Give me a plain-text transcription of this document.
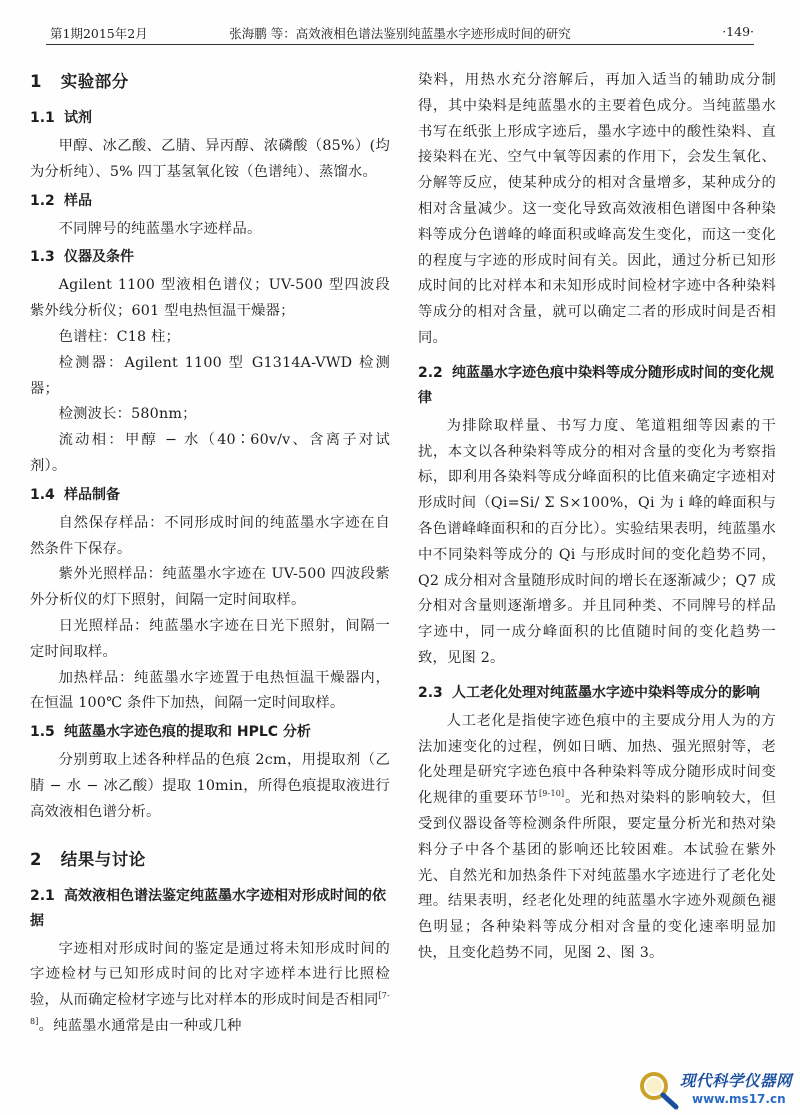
第1期2015年2月	张海鹏 等：高效液相色谱法鉴别纯蓝墨水字迹形成时间的研究	·149·
1 实验部分
1.1 试剂

甲醇、冰乙酸、乙腈、异丙醇、浓磷酸（85%）(均为分析纯）、5% 四丁基氢氧化铵（色谱纯）、蒸馏水。

1.2 样品

不同牌号的纯蓝墨水字迹样品。

1.3 仪器及条件

Agilent 1100 型液相色谱仪；UV-500 型四波段紫外线分析仪；601 型电热恒温干燥器；

色谱柱：C18 柱；

检测器：Agilent 1100 型 G1314A-VWD 检测器；

检测波长：580nm；

流动相：甲醇 − 水（40∶60v/v、含离子对试剂）。

1.4 样品制备

自然保存样品：不同形成时间的纯蓝墨水字迹在自然条件下保存。

紫外光照样品：纯蓝墨水字迹在 UV-500 四波段紫外分析仪的灯下照射，间隔一定时间取样。

日光照样品：纯蓝墨水字迹在日光下照射，间隔一定时间取样。

加热样品：纯蓝墨水字迹置于电热恒温干燥器内，在恒温 100℃ 条件下加热，间隔一定时间取样。

1.5 纯蓝墨水字迹色痕的提取和 HPLC 分析

分别剪取上述各种样品的色痕 2cm，用提取剂（乙腈 − 水 − 冰乙酸）提取 10min，所得色痕提取液进行高效液相色谱分析。

2 结果与讨论
2.1 高效液相色谱法鉴定纯蓝墨水字迹相对形成时间的依据

字迹相对形成时间的鉴定是通过将未知形成时间的字迹检材与已知形成时间的比对字迹样本进行比照检验，从而确定检材字迹与比对样本的形成时间是否相同[7-8]。纯蓝墨水通常是由一种或几种

染料，用热水充分溶解后，再加入适当的辅助成分制得，其中染料是纯蓝墨水的主要着色成分。当纯蓝墨水书写在纸张上形成字迹后，墨水字迹中的酸性染料、直接染料在光、空气中氧等因素的作用下，会发生氧化、分解等反应，使某种成分的相对含量增多，某种成分的相对含量减少。这一变化导致高效液相色谱图中各种染料等成分色谱峰的峰面积或峰高发生变化，而这一变化的程度与字迹的形成时间有关。因此，通过分析已知形成时间的比对样本和未知形成时间检材字迹中各种染料等成分的相对含量，就可以确定二者的形成时间是否相同。

2.2 纯蓝墨水字迹色痕中染料等成分随形成时间的变化规律

为排除取样量、书写力度、笔道粗细等因素的干扰，本文以各种染料等成分的相对含量的变化为考察指标，即利用各染料等成分峰面积的比值来确定字迹相对形成时间（Qi=Si/ Σ S×100%，Qi 为 i 峰的峰面积与各色谱峰峰面积和的百分比）。实验结果表明，纯蓝墨水中不同染料等成分的 Qi 与形成时间的变化趋势不同，Q2 成分相对含量随形成时间的增长在逐渐减少；Q7 成分相对含量则逐渐增多。并且同种类、不同牌号的样品字迹中，同一成分峰面积的比值随时间的变化趋势一致，见图 2。

2.3 人工老化处理对纯蓝墨水字迹中染料等成分的影响

人工老化是指使字迹色痕中的主要成分用人为的方法加速变化的过程，例如日晒、加热、强光照射等，老化处理是研究字迹色痕中各种染料等成分随形成时间变化规律的重要环节[9-10]。光和热对染料的影响较大，但受到仪器设备等检测条件所限，要定量分析光和热对染料分子中各个基团的影响还比较困难。本试验在紫外光、自然光和加热条件下对纯蓝墨水字迹进行了老化处理。结果表明，经老化处理的纯蓝墨水字迹外观颜色褪色明显；各种染料等成分相对含量的变化速率明显加快，且变化趋势不同，见图 2、图 3。

现代科学仪器网
www.ms17.cn
